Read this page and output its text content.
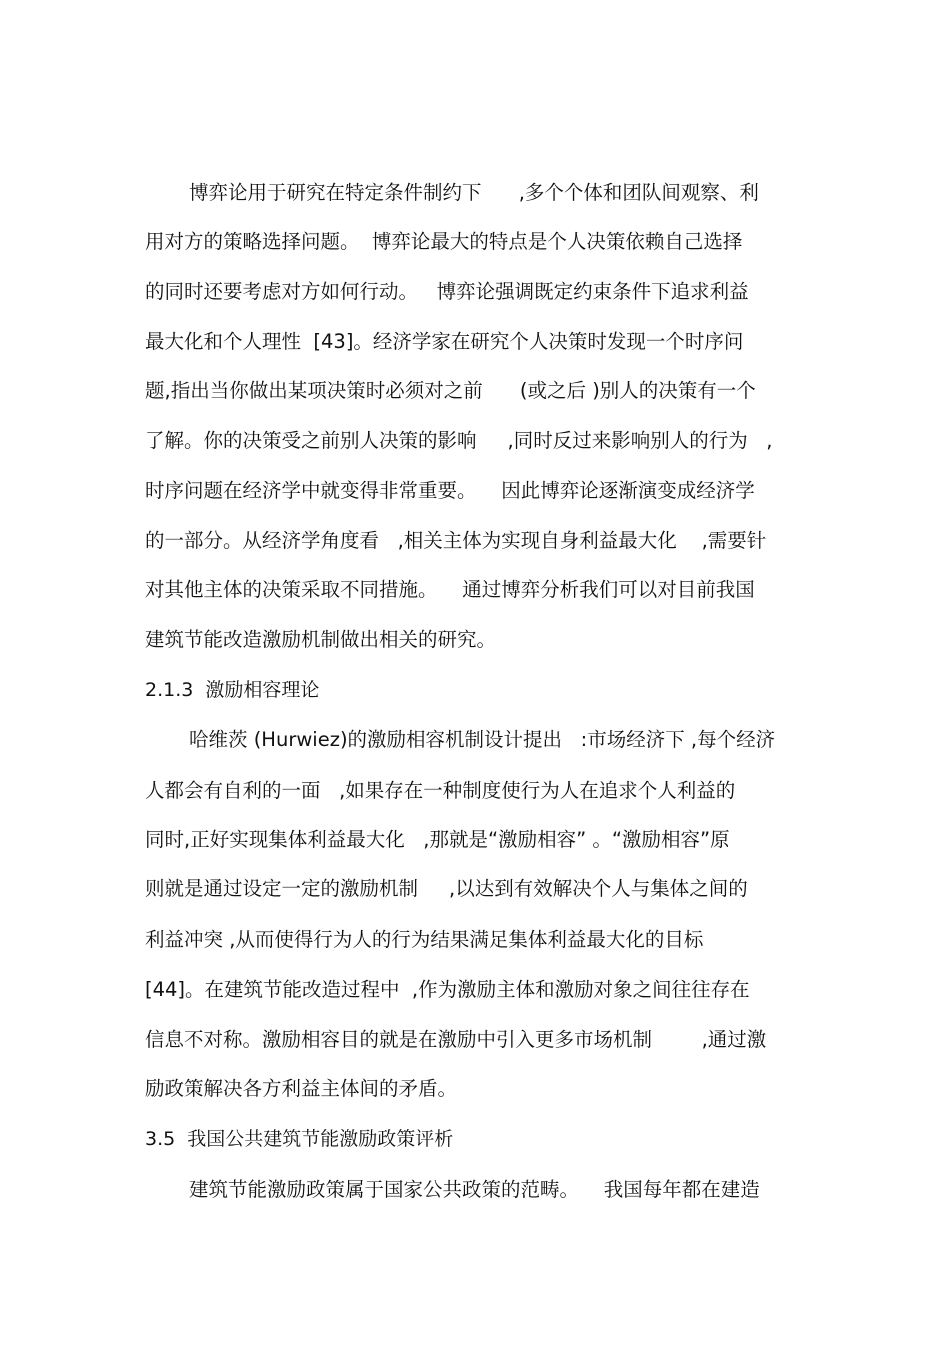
博弈论用于研究在特定条件制约下      ,多个个体和团队间观察、利

用对方的策略选择问题。  博弈论最大的特点是个人决策依赖自己选择

的同时还要考虑对方如何行动。   博弈论强调既定约束条件下追求利益

最大化和个人理性  [43]。经济学家在研究个人决策时发现一个时序问

题,指出当你做出某项决策时必须对之前      (或之后 )别人的决策有一个

了解。你的决策受之前别人决策的影响     ,同时反过来影响别人的行为   ,

时序问题在经济学中就变得非常重要。    因此博弈论逐渐演变成经济学

的一部分。从经济学角度看   ,相关主体为实现自身利益最大化    ,需要针

对其他主体的决策采取不同措施。    通过博弈分析我们可以对目前我国

建筑节能改造激励机制做出相关的研究。

2.1.3  激励相容理论

哈维茨 (Hurwiez)的激励相容机制设计提出   :市场经济下 ,每个经济

人都会有自利的一面   ,如果存在一种制度使行为人在追求个人利益的

同时,正好实现集体利益最大化   ,那就是“激励相容” 。“激励相容”原

则就是通过设定一定的激励机制     ,以达到有效解决个人与集体之间的

利益冲突 ,从而使得行为人的行为结果满足集体利益最大化的目标

[44]。在建筑节能改造过程中  ,作为激励主体和激励对象之间往往存在

信息不对称。激励相容目的就是在激励中引入更多市场机制        ,通过激

励政策解决各方利益主体间的矛盾。

3.5  我国公共建筑节能激励政策评析

建筑节能激励政策属于国家公共政策的范畴。    我国每年都在建造
